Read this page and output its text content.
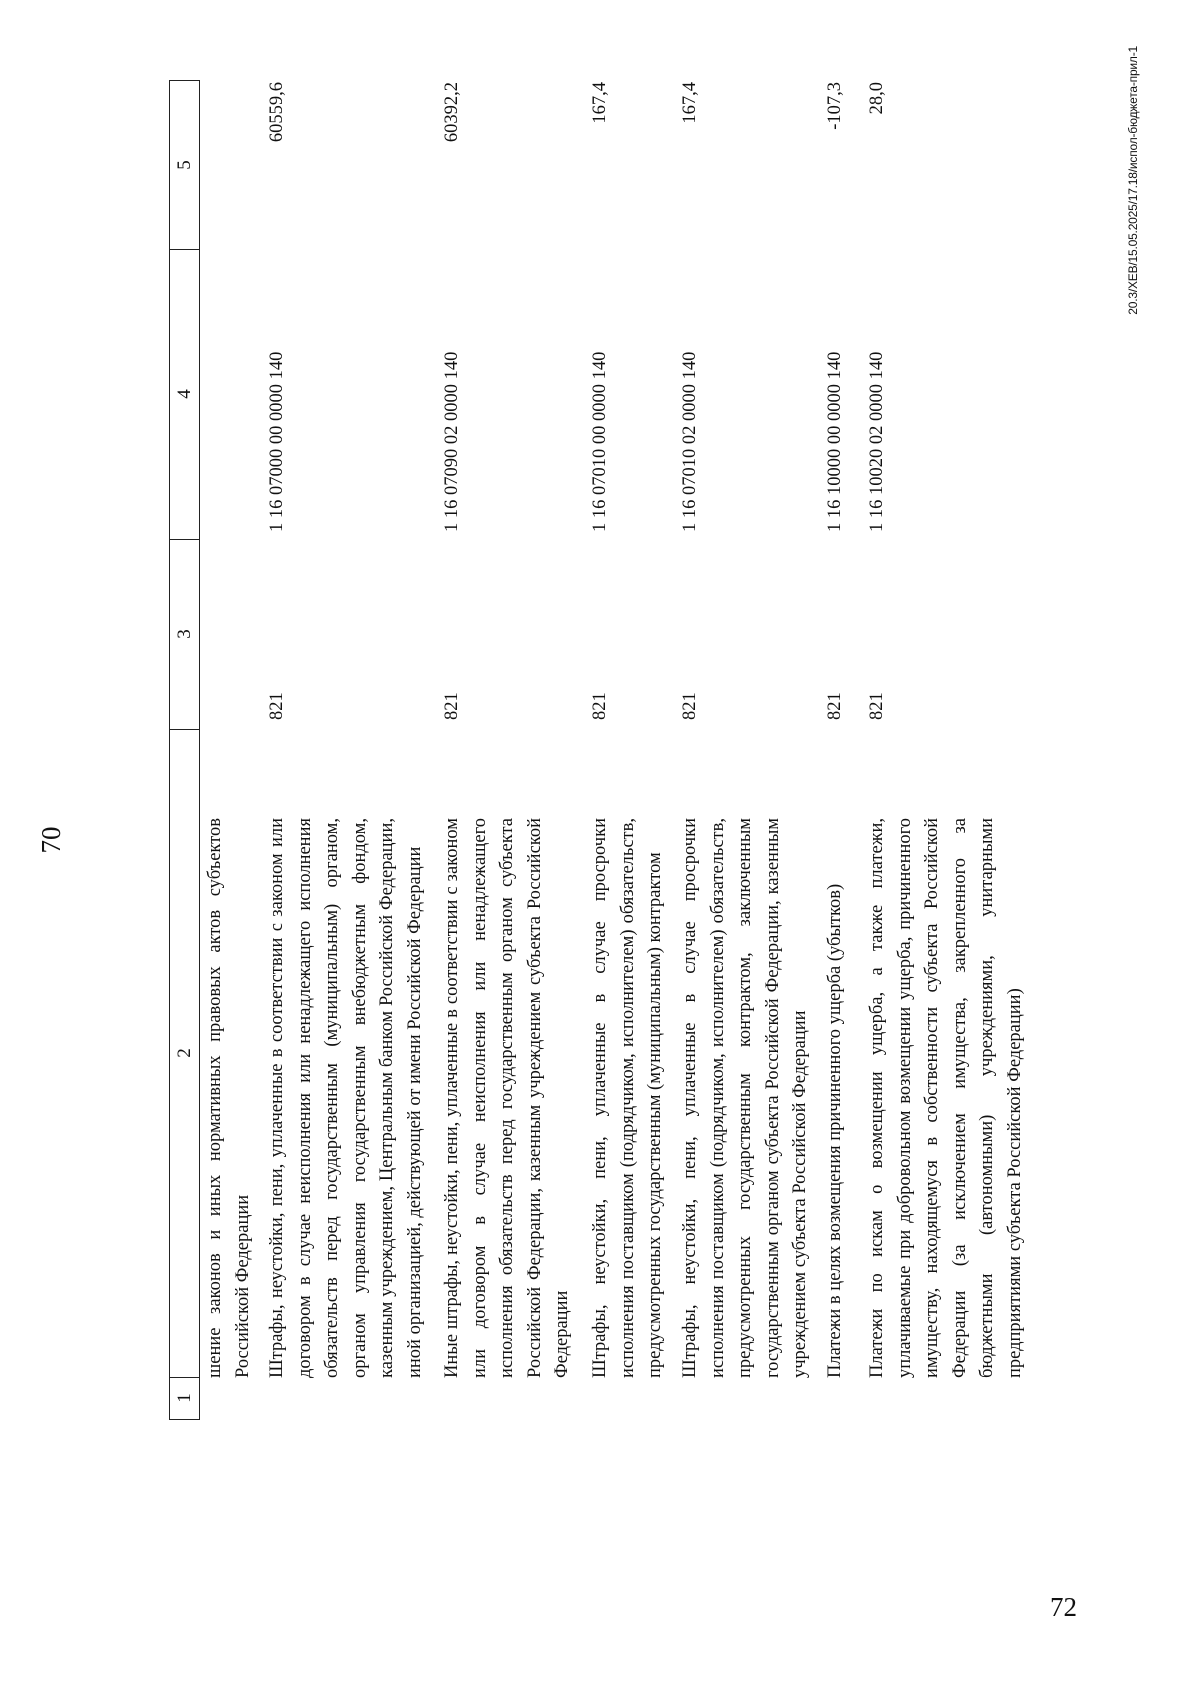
70
1
2
3
4
5
шение законов и иных нормативных правовых актов субъектов Российской Федерации Штрафы, неустойки, пени, уплаченные в соответствии с законом или договором в случае неисполнения или ненадлежащего исполнения обязательств перед государственным (муниципальным) органом, органом управления государственным внебюджетным фондом, казенным учреждением, Центральным банком Российской Федерации, иной организацией, действующей от имени Российской Федерации
821
1 16 07000 00 0000 140
60559,6
Иные штрафы, неустойки, пени, уплаченные в соответствии с законом или договором в случае неисполнения или ненадлежащего исполнения обязательств перед государственным органом субъекта Российской Федерации, казенным учреждением субъекта Российской Федерации
821
1 16 07090 02 0000 140
60392,2
Штрафы, неустойки, пени, уплаченные в случае просрочки исполнения поставщиком (подрядчиком, исполнителем) обязательств, предусмотренных государственным (муниципальным) контрактом
821
1 16 07010 00 0000 140
167,4
Штрафы, неустойки, пени, уплаченные в случае просрочки исполнения поставщиком (подрядчиком, исполнителем) обязательств, предусмотренных государственным контрактом, заключенным государственным органом субъекта Российской Федерации, казенным учреждением субъекта Российской Федерации
821
1 16 07010 02 0000 140
167,4
Платежи в целях возмещения причиненного ущерба (убытков)
821
1 16 10000 00 0000 140
-107,3
Платежи по искам о возмещении ущерба, а также платежи, уплачиваемые при добровольном возмещении ущерба, причиненного имуществу, находящемуся в собственности субъекта Российской Федерации (за исключением имущества, закрепленного за бюджетными (автономными) учреждениями, унитарными предприятиями субъекта Российской Федерации)
821
1 16 10020 02 0000 140
28,0	20.3/XEB/15.05.2025/17.18/испол-бюджета-прил-1
72
